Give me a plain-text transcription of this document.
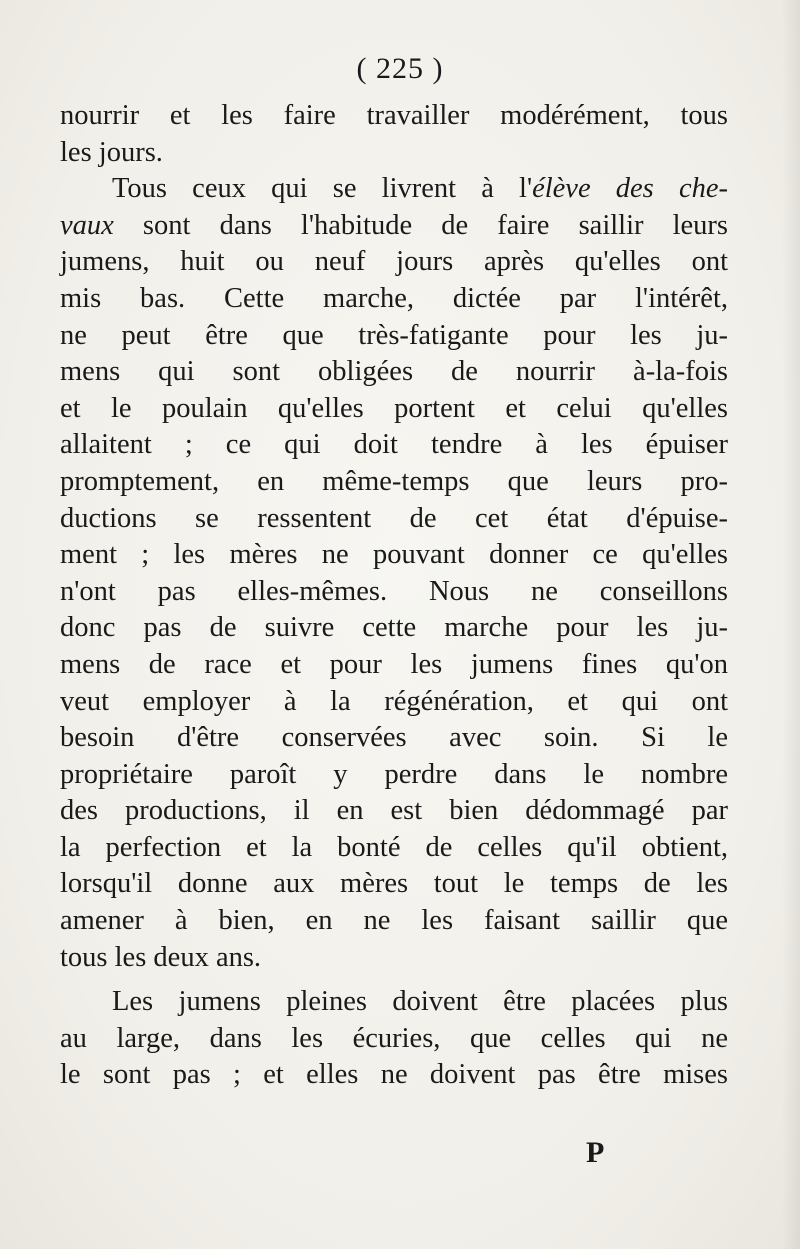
( 225 )
nourrir et les faire travailler modérément, tous
les jours.
Tous ceux qui se livrent à l'élève des che-
vaux sont dans l'habitude de faire saillir leurs
jumens, huit ou neuf jours après qu'elles ont
mis bas. Cette marche, dictée par l'intérêt,
ne peut être que très-fatigante pour les ju-
mens qui sont obligées de nourrir à-la-fois
et le poulain qu'elles portent et celui qu'elles
allaitent ; ce qui doit tendre à les épuiser
promptement, en même-temps que leurs pro-
ductions se ressentent de cet état d'épuise-
ment ; les mères ne pouvant donner ce qu'elles
n'ont pas elles-mêmes. Nous ne conseillons
donc pas de suivre cette marche pour les ju-
mens de race et pour les jumens fines qu'on
veut employer à la régénération, et qui ont
besoin d'être conservées avec soin. Si le
propriétaire paroît y perdre dans le nombre
des productions, il en est bien dédommagé par
la perfection et la bonté de celles qu'il obtient,
lorsqu'il donne aux mères tout le temps de les
amener à bien, en ne les faisant saillir que
tous les deux ans.
Les jumens pleines doivent être placées plus
au large, dans les écuries, que celles qui ne
le sont pas ; et elles ne doivent pas être mises
P
